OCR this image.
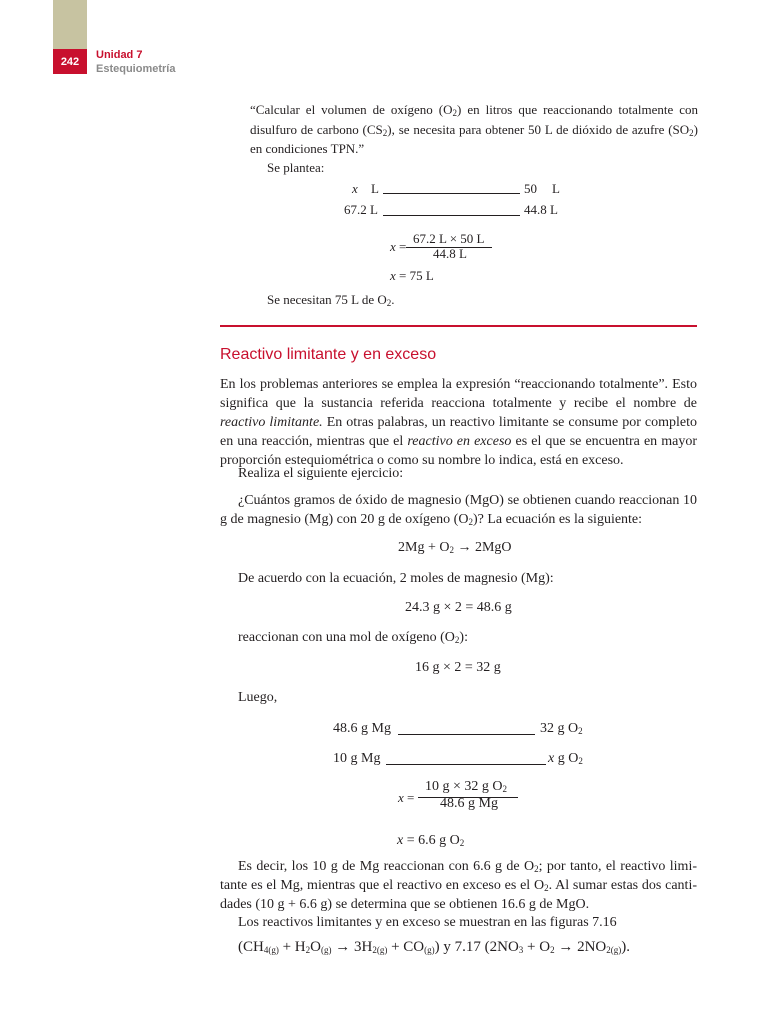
242
Unidad 7
Estequiometría
“Calcular el volumen de oxígeno $(O_2)$ en litros que reaccionando totalmente con disulfuro de carbono $(CS_2)$, se necesita para obtener 50 L de dióxido de azufre $(SO_2)$ en condiciones TPN.”
Se plantea:
x L	50 L
67.2 L	44.8 L
67.2 L × 50 L
x = 44.8 L
x = 75 L
Se necesitan 75 L de $O_2$.
Reactivo limitante y en exceso
En los problemas anteriores se emplea la expresión “reaccionando totalmente”. Esto significa que la sustancia referida reacciona totalmente y recibe el nombre de reactivo limitante. En otras palabras, un reactivo limitante se consume por completo en una reacción, mientras que el reactivo en exceso es el que se encuentra en mayor proporción estequiométrica o como su nombre lo indica, está en exceso.
Realiza el siguiente ejercicio:
¿Cuántos gramos de óxido de magnesio (MgO) se obtienen cuando reaccionan 10 g de magnesio (Mg) con 20 g de oxígeno $(O_2)$? La ecuación es la siguiente:
$2Mg + O_2 \to 2MgO$
De acuerdo con la ecuación, 2 moles de magnesio (Mg):
24.3 g × 2 = 48.6 g
reaccionan con una mol de oxígeno $(O_2)$:
16 g × 2 = 32 g
Luego,
48.6 g Mg	32 g $O_2$
10 g Mg	x g $O_2$
10 g × 32 g $O_2$
x = 48.6 g Mg
x = 6.6 g $O_2$
Es decir, los 10 g de Mg reaccionan con 6.6 g de $O_2$; por tanto, el reactivo limitante es el Mg, mientras que el reactivo en exceso es el $O_2$. Al sumar estas dos cantidades (10 g + 6.6 g) se determina que se obtienen 16.6 g de MgO.
Los reactivos limitantes y en exceso se muestran en las figuras 7.16
$(CH_{4(g)} + H_2O_{(g)} \to 3H_{2(g)} + CO_{(g)})$ y 7.17 $(2NO_3 + O_2 \to 2NO_{2(g)})$.
